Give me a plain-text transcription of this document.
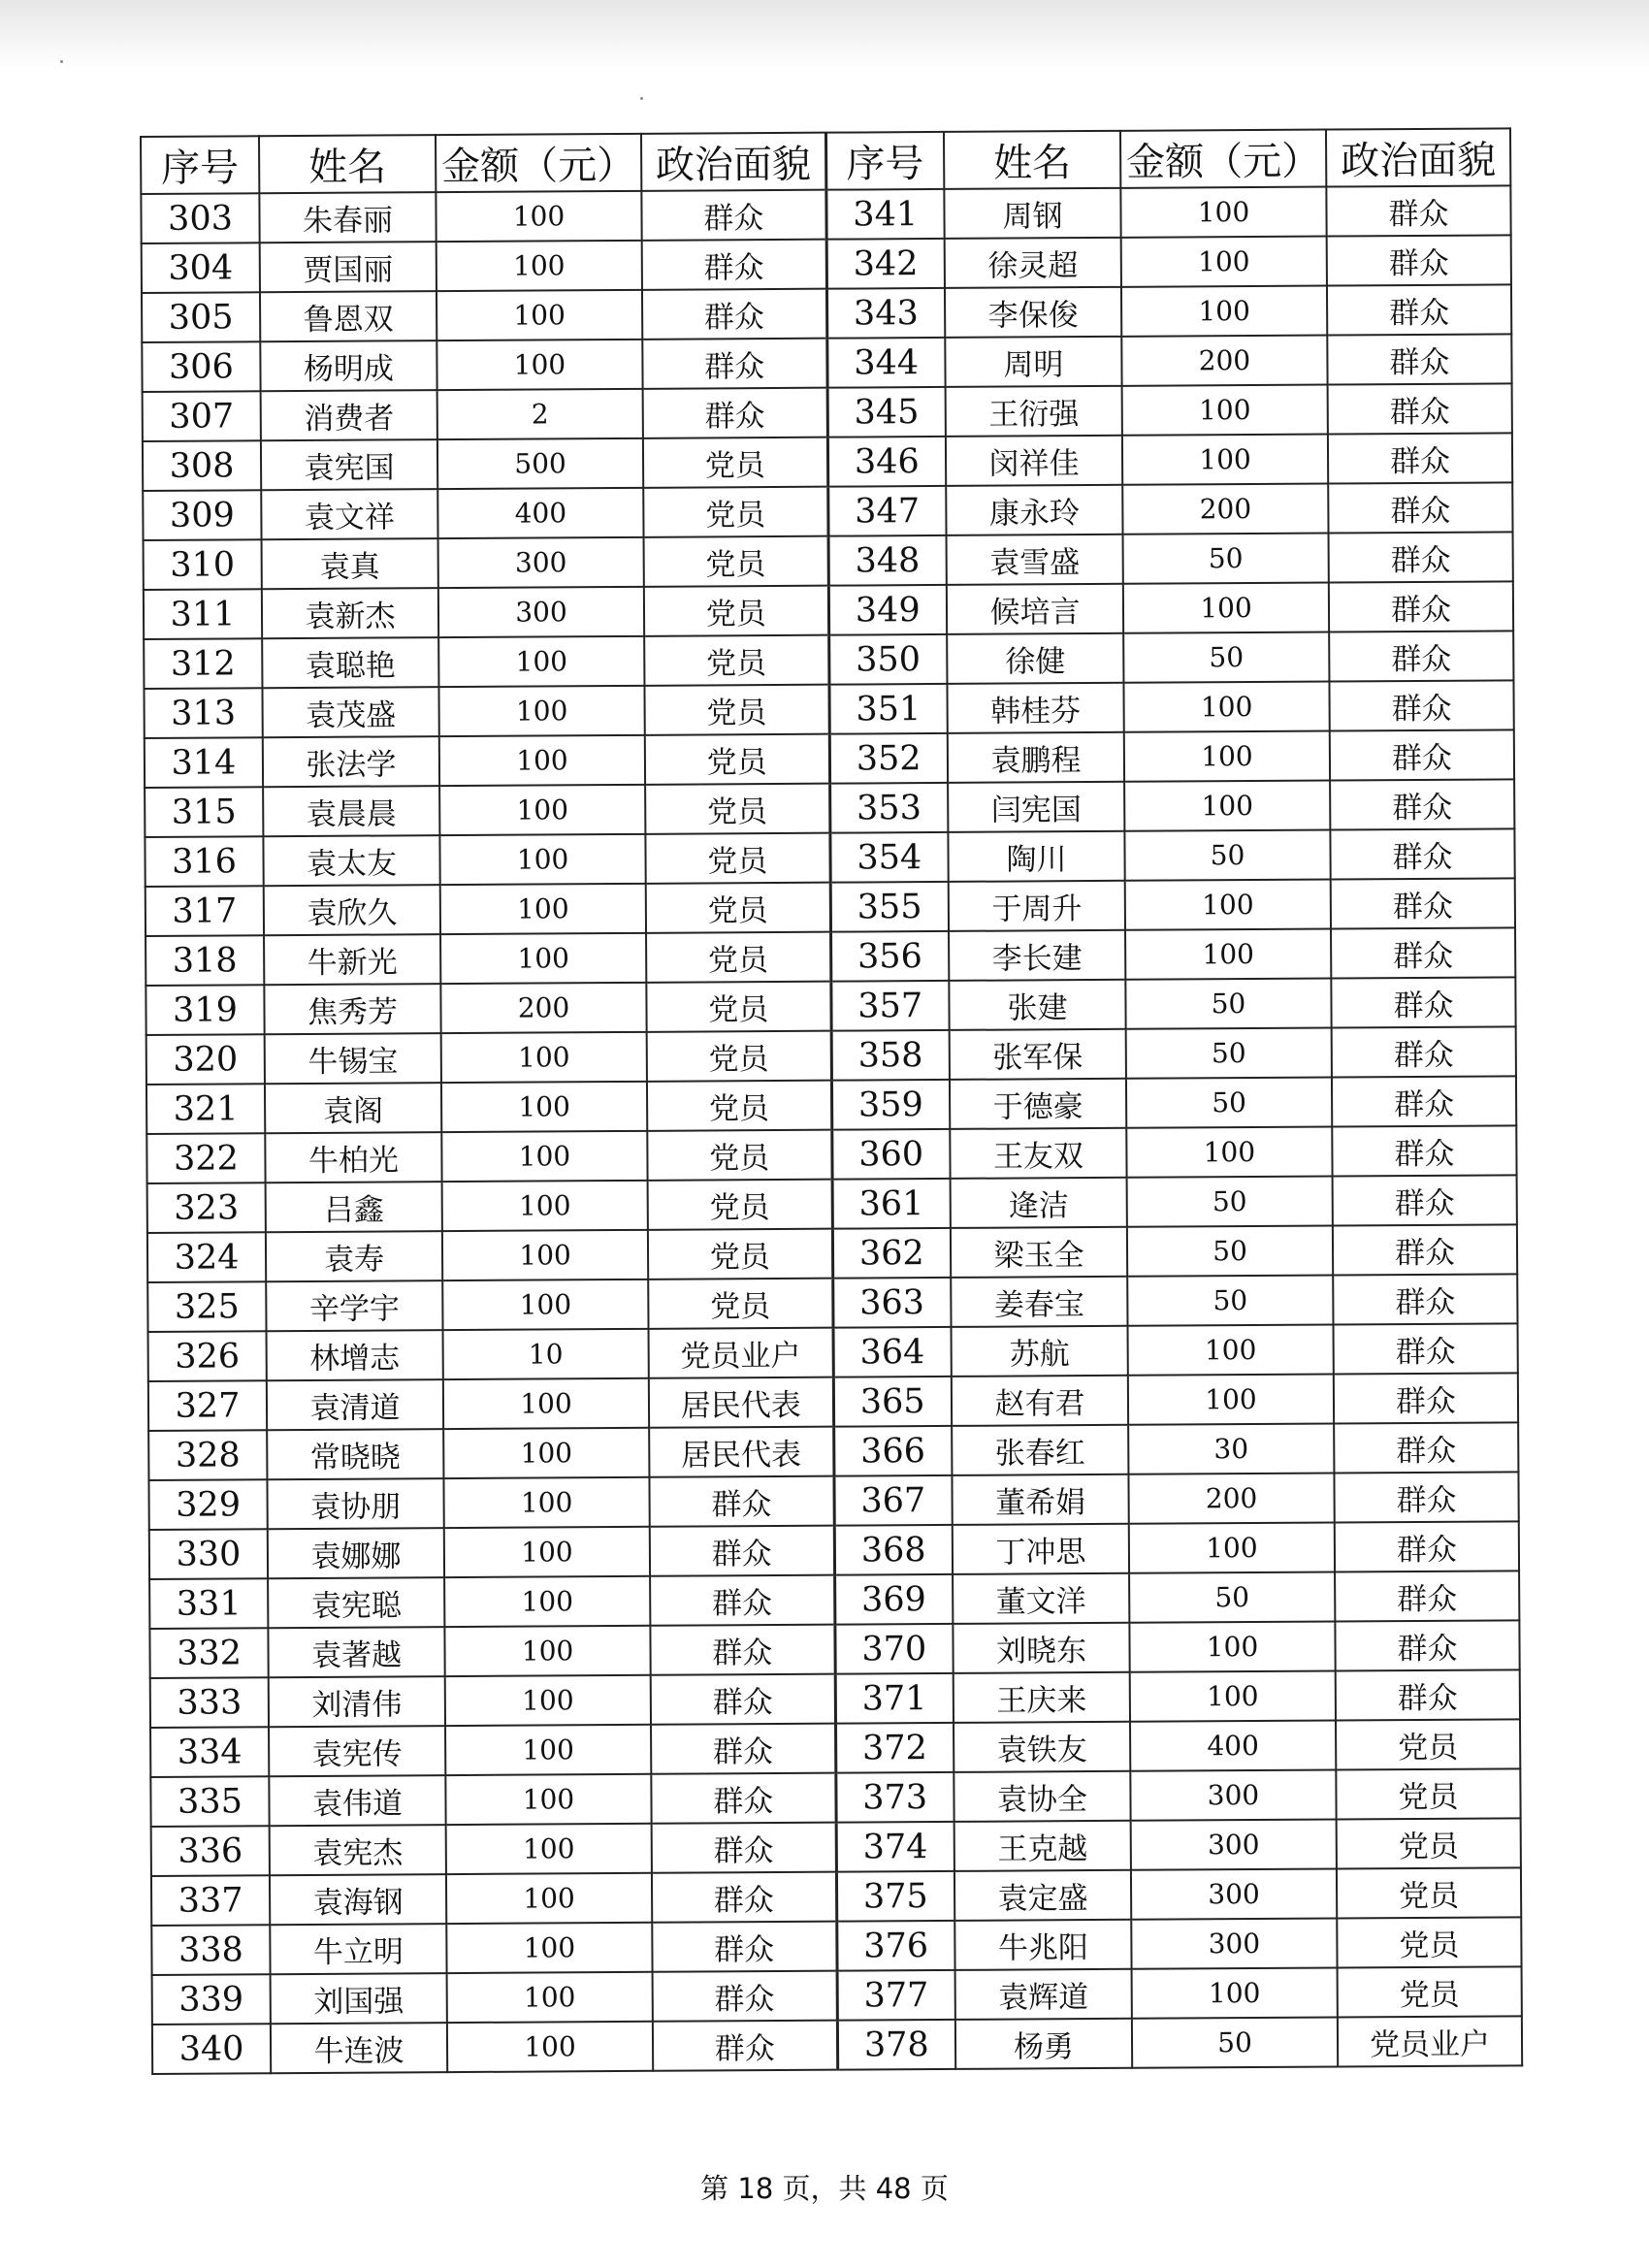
序号	姓名	金额（元）	政治面貌	序号	姓名	金额（元）	政治面貌
303	朱春丽	100	群众	341	周钢	100	群众
304	贾国丽	100	群众	342	徐灵超	100	群众
305	鲁恩双	100	群众	343	李保俊	100	群众
306	杨明成	100	群众	344	周明	200	群众
307	消费者	2	群众	345	王衍强	100	群众
308	袁宪国	500	党员	346	闵祥佳	100	群众
309	袁文祥	400	党员	347	康永玲	200	群众
310	袁真	300	党员	348	袁雪盛	50	群众
311	袁新杰	300	党员	349	候培言	100	群众
312	袁聪艳	100	党员	350	徐健	50	群众
313	袁茂盛	100	党员	351	韩桂芬	100	群众
314	张法学	100	党员	352	袁鹏程	100	群众
315	袁晨晨	100	党员	353	闫宪国	100	群众
316	袁太友	100	党员	354	陶川	50	群众
317	袁欣久	100	党员	355	于周升	100	群众
318	牛新光	100	党员	356	李长建	100	群众
319	焦秀芳	200	党员	357	张建	50	群众
320	牛锡宝	100	党员	358	张军保	50	群众
321	袁阁	100	党员	359	于德豪	50	群众
322	牛柏光	100	党员	360	王友双	100	群众
323	吕鑫	100	党员	361	逄洁	50	群众
324	袁寿	100	党员	362	梁玉全	50	群众
325	辛学宇	100	党员	363	姜春宝	50	群众
326	林增志	10	党员业户	364	苏航	100	群众
327	袁清道	100	居民代表	365	赵有君	100	群众
328	常晓晓	100	居民代表	366	张春红	30	群众
329	袁协朋	100	群众	367	董希娟	200	群众
330	袁娜娜	100	群众	368	丁冲思	100	群众
331	袁宪聪	100	群众	369	董文洋	50	群众
332	袁著越	100	群众	370	刘晓东	100	群众
333	刘清伟	100	群众	371	王庆来	100	群众
334	袁宪传	100	群众	372	袁铁友	400	党员
335	袁伟道	100	群众	373	袁协全	300	党员
336	袁宪杰	100	群众	374	王克越	300	党员
337	袁海钢	100	群众	375	袁定盛	300	党员
338	牛立明	100	群众	376	牛兆阳	300	党员
339	刘国强	100	群众	377	袁辉道	100	党员
340	牛连波	100	群众	378	杨勇	50	党员业户
第 18 页，共 48 页
